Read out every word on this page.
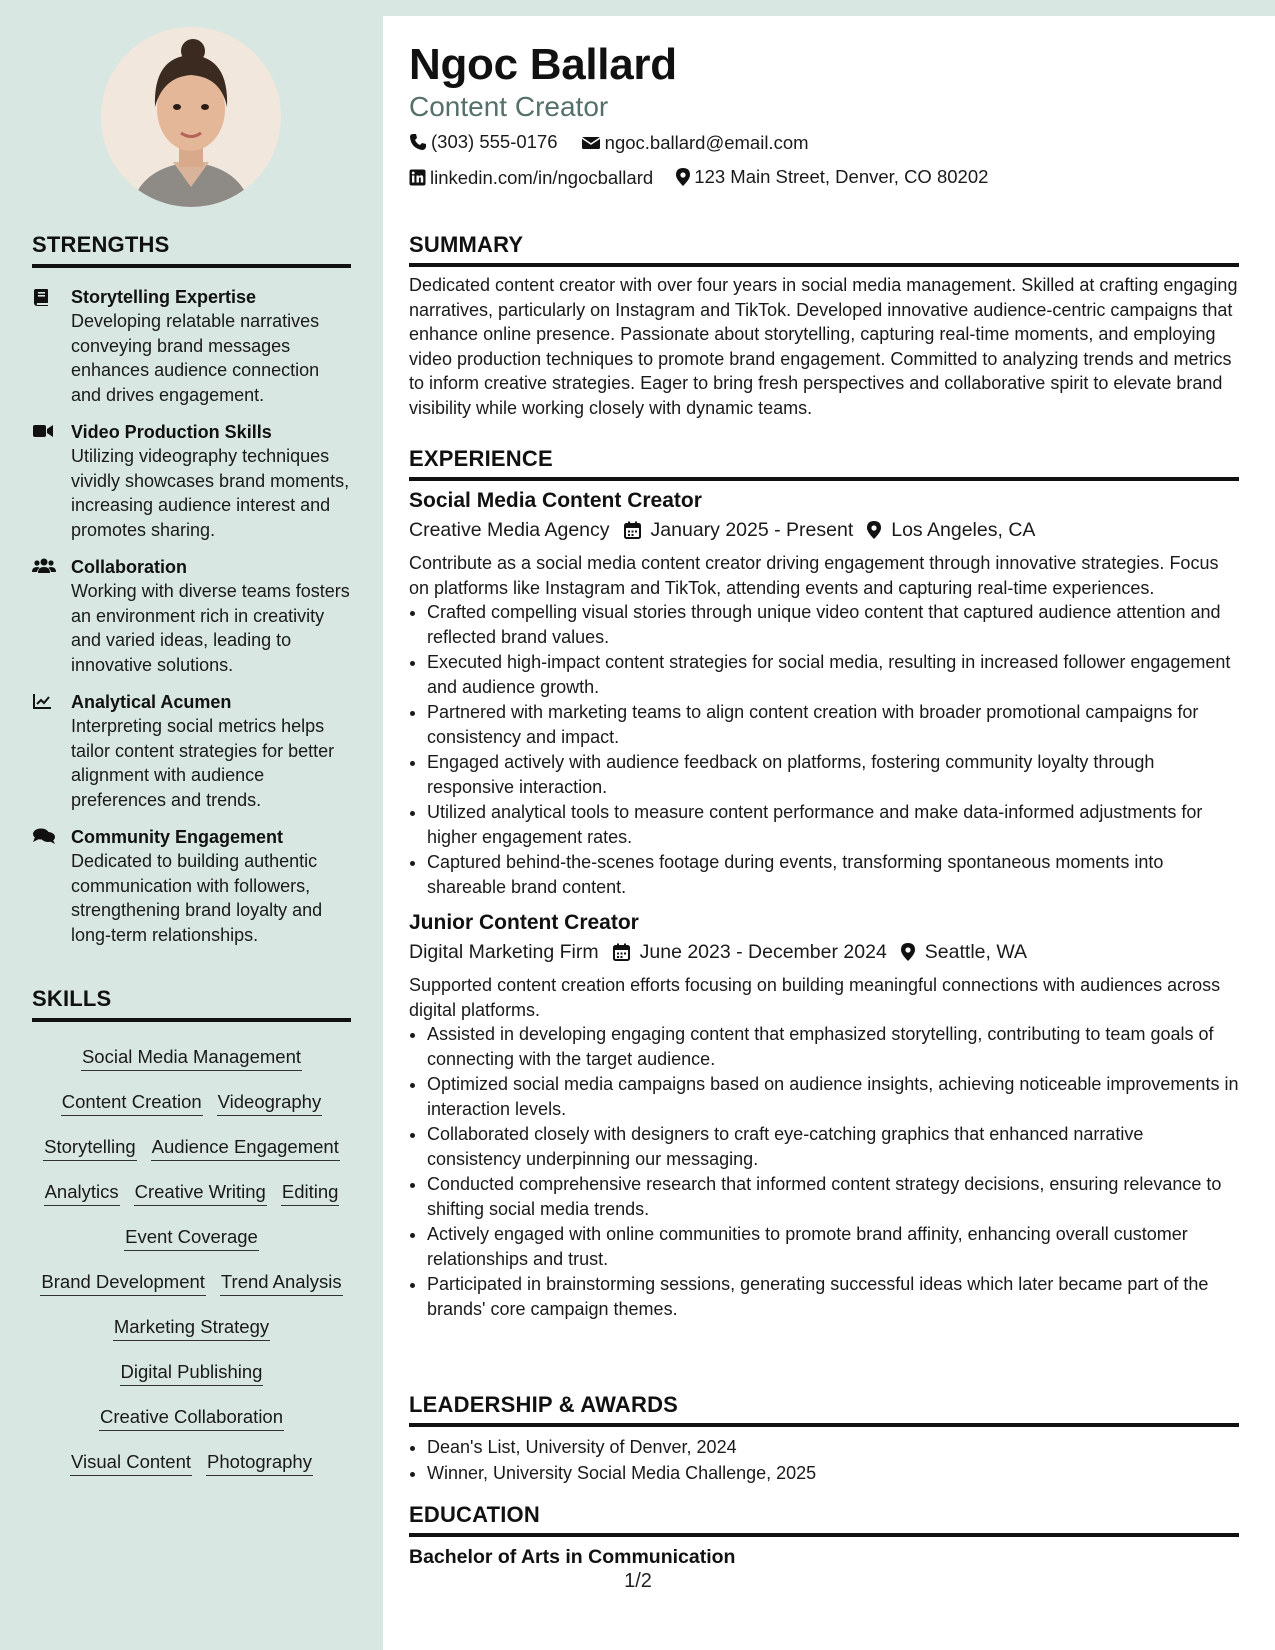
STRENGTHS
Storytelling Expertise
Developing relatable narratives conveying brand messages enhances audience connection and drives engagement.
Video Production Skills
Utilizing videography techniques vividly showcases brand moments, increasing audience interest and promotes sharing.
Collaboration
Working with diverse teams fosters an environment rich in creativity and varied ideas, leading to innovative solutions.
Analytical Acumen
Interpreting social metrics helps tailor content strategies for better alignment with audience preferences and trends.
Community Engagement
Dedicated to building authentic communication with followers, strengthening brand loyalty and long-term relationships.
SKILLS
Social Media Management
Content Creation Videography
Storytelling Audience Engagement
Analytics Creative Writing Editing
Event Coverage
Brand Development Trend Analysis
Marketing Strategy
Digital Publishing
Creative Collaboration
Visual Content Photography
Ngoc Ballard
Content Creator
(303) 555-0176
	ngoc.ballard@email.com
linkedin.com/in/ngocballard
123 Main Street, Denver, CO 80202
SUMMARY
Dedicated content creator with over four years in social media management. Skilled at crafting engaging narratives, particularly on Instagram and TikTok. Developed innovative audience-centric campaigns that enhance online presence. Passionate about storytelling, capturing real-time moments, and employing video production techniques to promote brand engagement. Committed to analyzing trends and metrics to inform creative strategies. Eager to bring fresh perspectives and collaborative spirit to elevate brand visibility while working closely with dynamic teams.
EXPERIENCE
Social Media Content Creator
Creative Media Agency January 2025 - Present Los Angeles, CA
Contribute as a social media content creator driving engagement through innovative strategies. Focus on platforms like Instagram and TikTok, attending events and capturing real-time experiences.
• Crafted compelling visual stories through unique video content that captured audience attention and reflected brand values.
• Executed high-impact content strategies for social media, resulting in increased follower engagement and audience growth.
• Partnered with marketing teams to align content creation with broader promotional campaigns for consistency and impact.
• Engaged actively with audience feedback on platforms, fostering community loyalty through responsive interaction.
• Utilized analytical tools to measure content performance and make data-informed adjustments for higher engagement rates.
• Captured behind-the-scenes footage during events, transforming spontaneous moments into shareable brand content.
Junior Content Creator
Digital Marketing Firm June 2023 - December 2024 Seattle, WA
Supported content creation efforts focusing on building meaningful connections with audiences across digital platforms.
• Assisted in developing engaging content that emphasized storytelling, contributing to team goals of connecting with the target audience.
• Optimized social media campaigns based on audience insights, achieving noticeable improvements in interaction levels.
• Collaborated closely with designers to craft eye-catching graphics that enhanced narrative consistency underpinning our messaging.
• Conducted comprehensive research that informed content strategy decisions, ensuring relevance to shifting social media trends.
• Actively engaged with online communities to promote brand affinity, enhancing overall customer relationships and trust.
• Participated in brainstorming sessions, generating successful ideas which later became part of the brands' core campaign themes.
LEADERSHIP & AWARDS
• Dean's List, University of Denver, 2024
• Winner, University Social Media Challenge, 2025
EDUCATION
Bachelor of Arts in Communication
1/2
